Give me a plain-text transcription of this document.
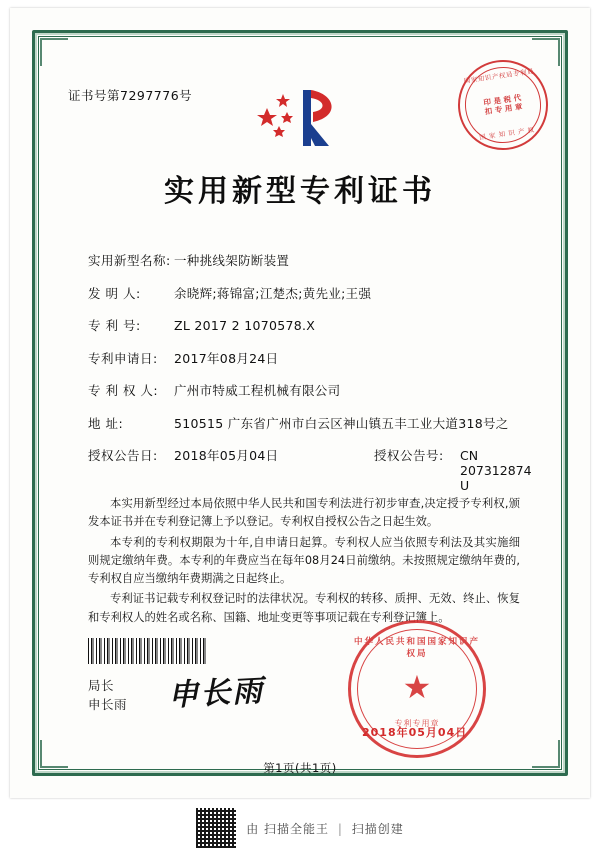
证书号第7297776号
国家知识产权局专利局
印 是 税 代 扣 专 用 章
国 家 知 识 产 权
实用新型专利证书
实用新型名称: 一种挑线架防断装置
发 明 人:	余晓辉;蒋锦富;江楚杰;黄先业;王强
专 利 号:	ZL 2017 2 1070578.X
专利申请日:	2017年08月24日
专 利 权 人:	广州市特威工程机械有限公司
地 址:	510515 广东省广州市白云区神山镇五丰工业大道318号之
授权公告日:	2018年05月04日	授权公告号:	CN 207312874 U

本实用新型经过本局依照中华人民共和国专利法进行初步审查,决定授予专利权,颁发本证书并在专利登记簿上予以登记。专利权自授权公告之日起生效。

本专利的专利权期限为十年,自申请日起算。专利权人应当依照专利法及其实施细则规定缴纳年费。本专利的年费应当在每年08月24日前缴纳。未按照规定缴纳年费的,专利权自应当缴纳年费期满之日起终止。

专利证书记载专利权登记时的法律状况。专利权的转移、质押、无效、终止、恢复和专利权人的姓名或名称、国籍、地址变更等事项记载在专利登记簿上。

局长
申长雨 申长雨
中华人民共和国国家知识产权局
★
专利专用章
2018年05月04日
第1页(共1页)
由 扫描全能王 | 扫描创建
